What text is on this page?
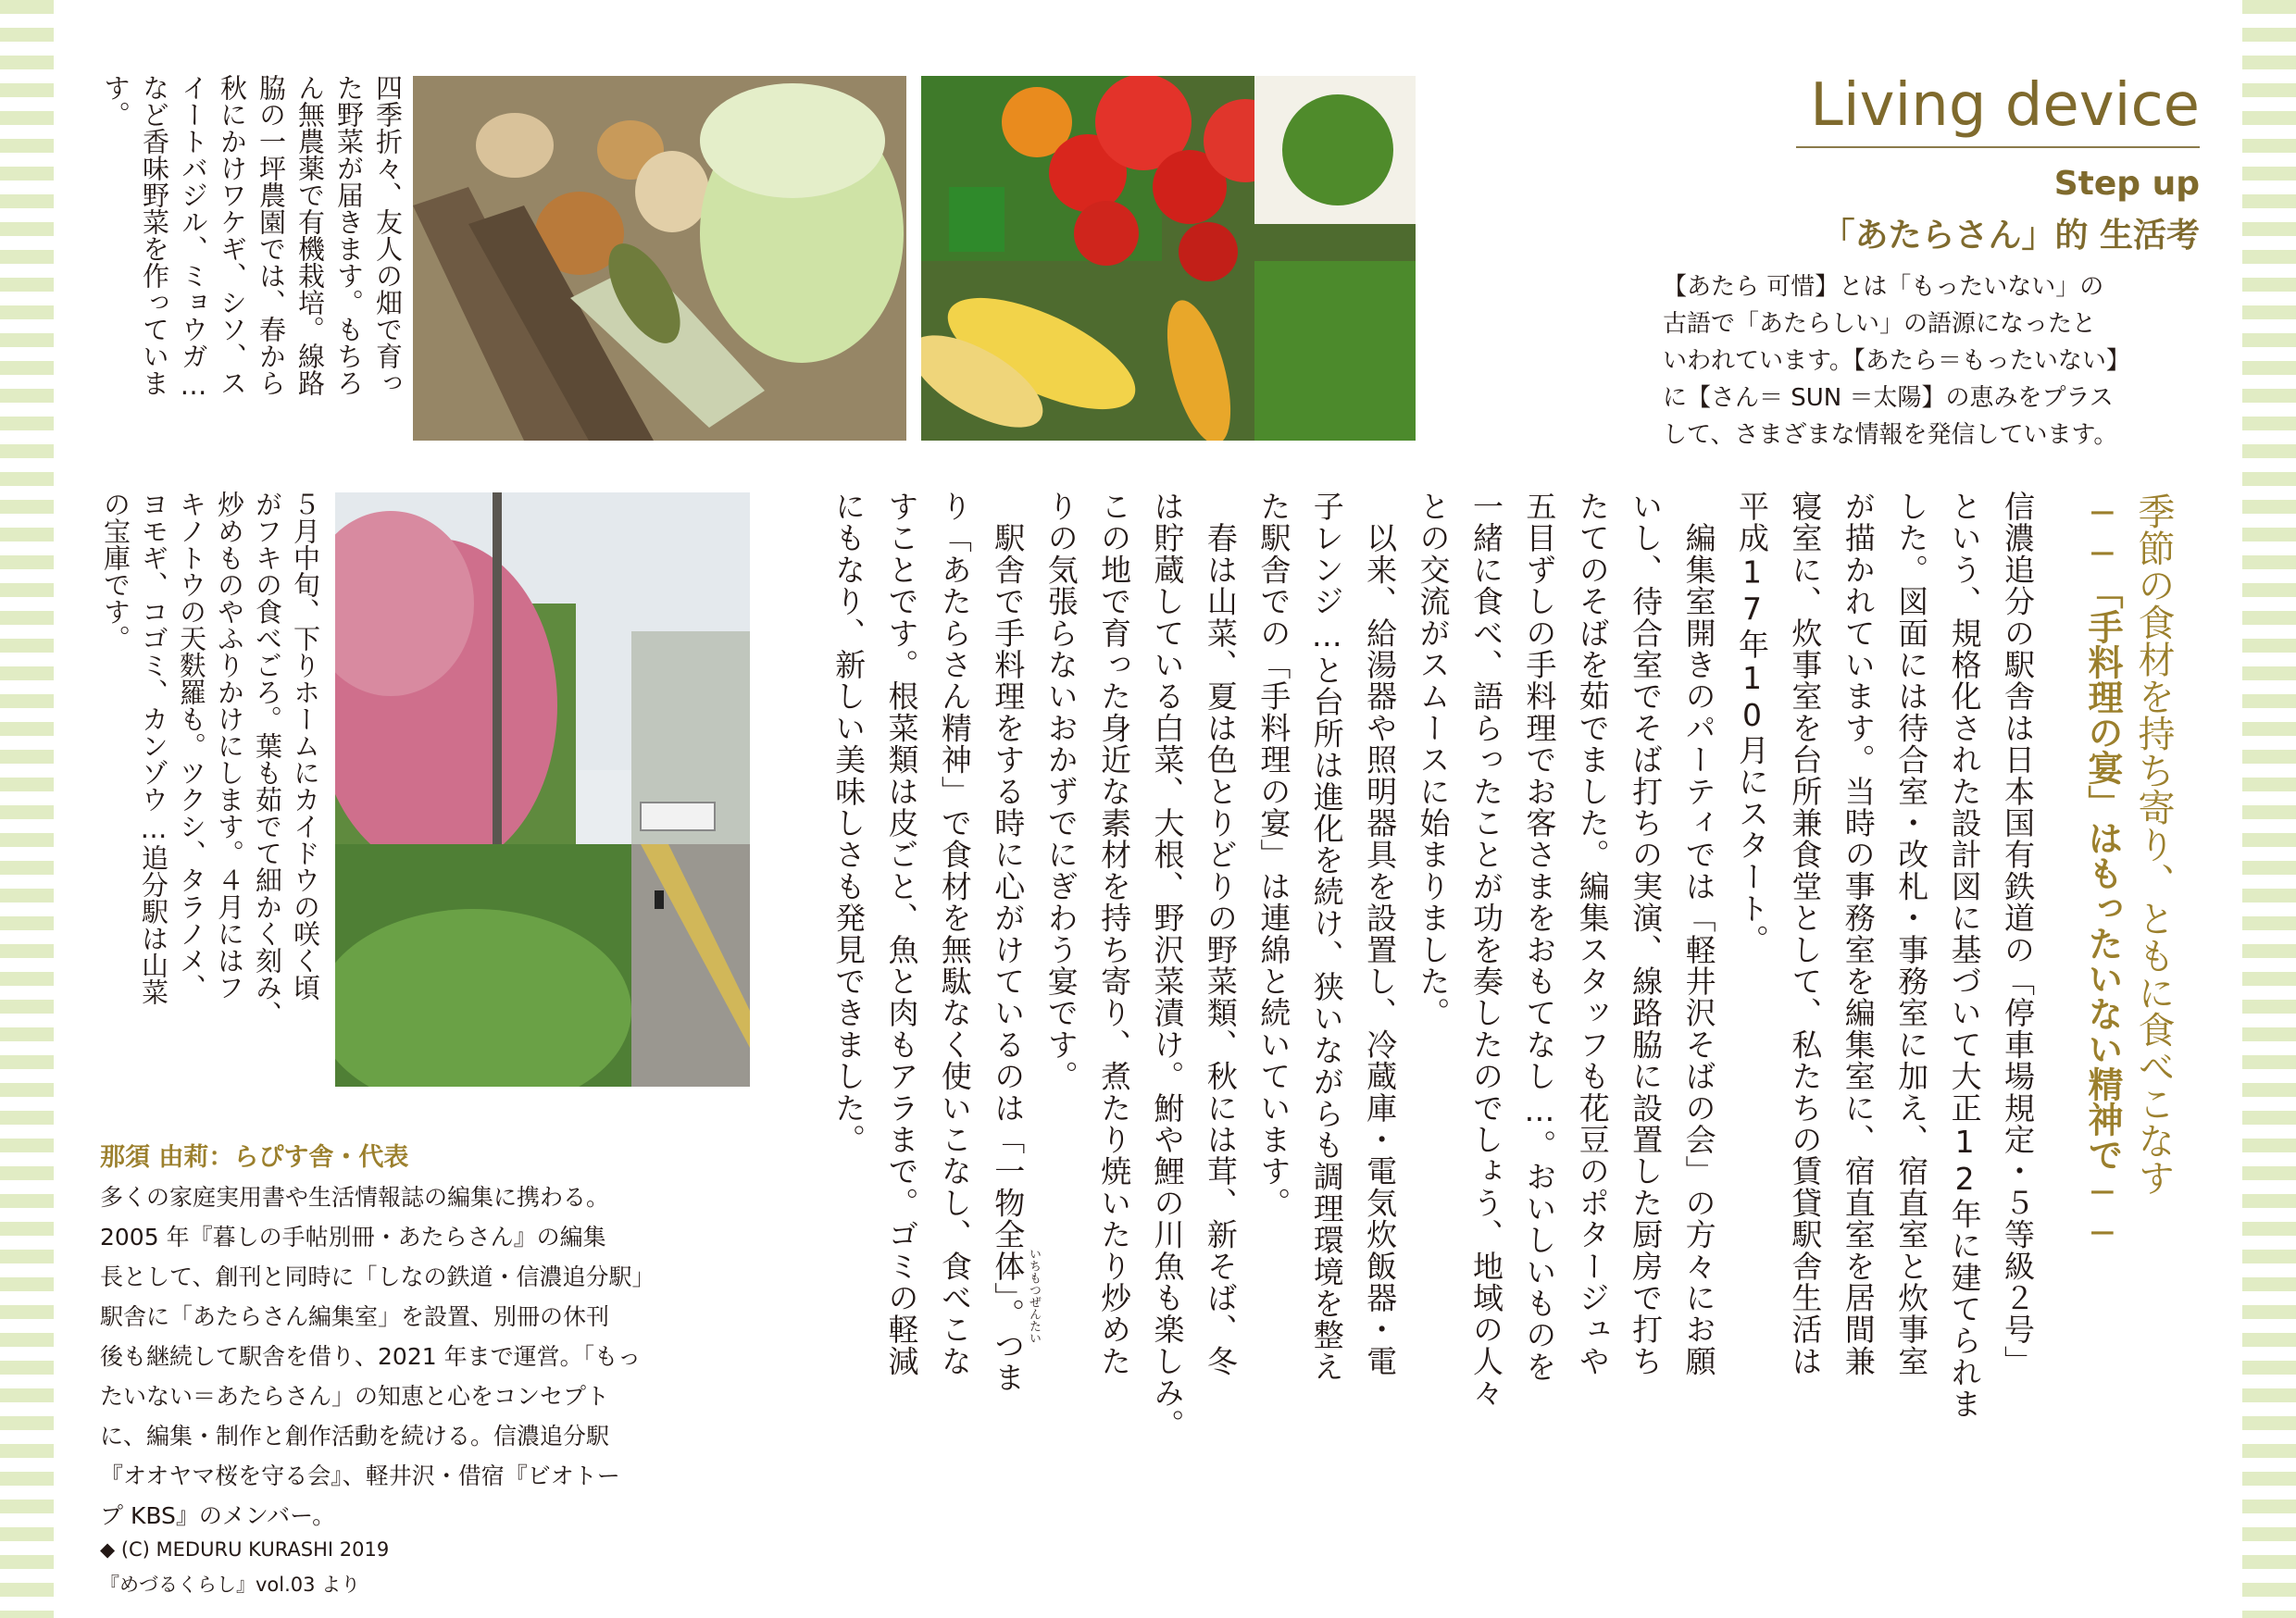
Living device
Step up
「あたらさん」的 生活考
【あたら 可惜】とは「もったいない」の
古語で「あたらしい」の語源になったと
いわれています。【あたら＝もったいない】
に【さん＝ SUN ＝太陽】の恵みをプラス
して、さまざまな情報を発信しています。
季節の食材を持ち寄り、ともに食べこなす
──「手料理の宴」はもったいない精神で──
信濃追分の駅舎は日本国有鉄道の「停車場規定・５等級２号」
という、規格化された設計図に基づいて大正12年に建てられま
した。図面には待合室・改札・事務室に加え、宿直室と炊事室
が描かれています。当時の事務室を編集室に、宿直室を居間兼
寝室に、炊事室を台所兼食堂として、私たちの賃貸駅舎生活は
平成17年10月にスタート。
　編集室開きのパーティでは「軽井沢そばの会」の方々にお願
いし、待合室でそば打ちの実演、線路脇に設置した厨房で打ち
たてのそばを茹でました。編集スタッフも花豆のポタージュや
五目ずしの手料理でお客さまをおもてなし…。おいしいものを
一緒に食べ、語らったことが功を奏したのでしょう、地域の人々
との交流がスムースに始まりました。
　以来、給湯器や照明器具を設置し、冷蔵庫・電気炊飯器・電
子レンジ…と台所は進化を続け、狭いながらも調理環境を整え
た駅舎での「手料理の宴」は連綿と続いています。
　春は山菜、夏は色とりどりの野菜類、秋には茸、新そば、冬
は貯蔵している白菜、大根、野沢菜漬け。鮒や鯉の川魚も楽しみ。
この地で育った身近な素材を持ち寄り、煮たり焼いたり炒めた
りの気張らないおかずでにぎわう宴です。
　駅舎で手料理をする時に心がけているのは「一物全体」。つま
り「あたらさん精神」で食材を無駄なく使いこなし、食べこな
すことです。根菜類は皮ごと、魚と肉もアラまで。ゴミの軽減
にもなり、新しい美味しさも発見できました。
いちもつぜんたい
四季折々、友人の畑で育っ
た野菜が届きます。もちろ
ん無農薬で有機栽培。線路
脇の一坪農園では、春から
秋にかけワケギ、シソ、ス
イートバジル、ミョウガ…
など香味野菜を作っていま
す。
５月中旬、下りホームにカイドウの咲く頃
がフキの食べごろ。葉も茹でて細かく刻み、
炒めものやふりかけにします。４月にはフ
キノトウの天麩羅も。ツクシ、タラノメ、
ヨモギ、コゴミ、カンゾウ…追分駅は山菜
の宝庫です。
那須 由莉：らぴす舎・代表
多くの家庭実用書や生活情報誌の編集に携わる。
2005 年『暮しの手帖別冊・あたらさん』の編集
長として、創刊と同時に「しなの鉄道・信濃追分駅」
駅舎に「あたらさん編集室」を設置、別冊の休刊
後も継続して駅舎を借り、2021 年まで運営。「もっ
たいない＝あたらさん」の知恵と心をコンセプト
に、編集・制作と創作活動を続ける。信濃追分駅
『オオヤマ桜を守る会』、軽井沢・借宿『ビオトー
プ KBS』のメンバー。
◆ (C) MEDURU KURASHI 2019
『めづるくらし』vol.03 より
